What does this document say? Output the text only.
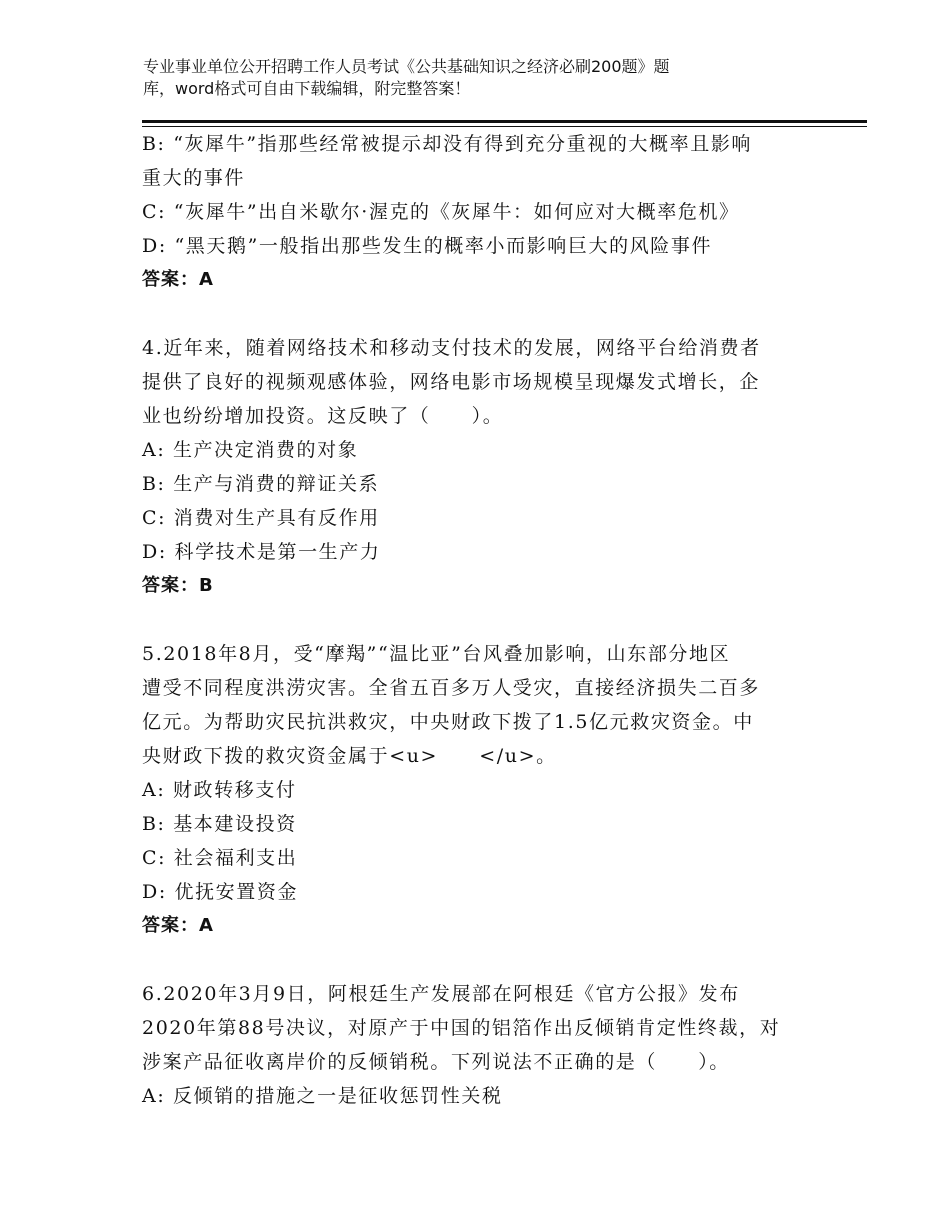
专业事业单位公开招聘工作人员考试《公共基础知识之经济必刷200题》题
库，word格式可自由下载编辑，附完整答案！
B: “灰犀牛”指那些经常被提示却没有得到充分重视的大概率且影响
重大的事件
C: “灰犀牛”出自米歇尔·渥克的《灰犀牛：如何应对大概率危机》
D: “黑天鹅”一般指出那些发生的概率小而影响巨大的风险事件
答案：A
4.近年来，随着网络技术和移动支付技术的发展，网络平台给消费者
提供了良好的视频观感体验，网络电影市场规模呈现爆发式增长，企
业也纷纷增加投资。这反映了（　　）。
A: 生产决定消费的对象
B: 生产与消费的辩证关系
C: 消费对生产具有反作用
D: 科学技术是第一生产力
答案：B
5.2018年8月，受“摩羯”“温比亚”台风叠加影响，山东部分地区
遭受不同程度洪涝灾害。全省五百多万人受灾，直接经济损失二百多
亿元。为帮助灾民抗洪救灾，中央财政下拨了1.5亿元救灾资金。中
央财政下拨的救灾资金属于<u>　　</u>。
A: 财政转移支付
B: 基本建设投资
C: 社会福利支出
D: 优抚安置资金
答案：A
6.2020年3月9日，阿根廷生产发展部在阿根廷《官方公报》发布
2020年第88号决议，对原产于中国的铝箔作出反倾销肯定性终裁，对
涉案产品征收离岸价的反倾销税。下列说法不正确的是（　　）。
A: 反倾销的措施之一是征收惩罚性关税
